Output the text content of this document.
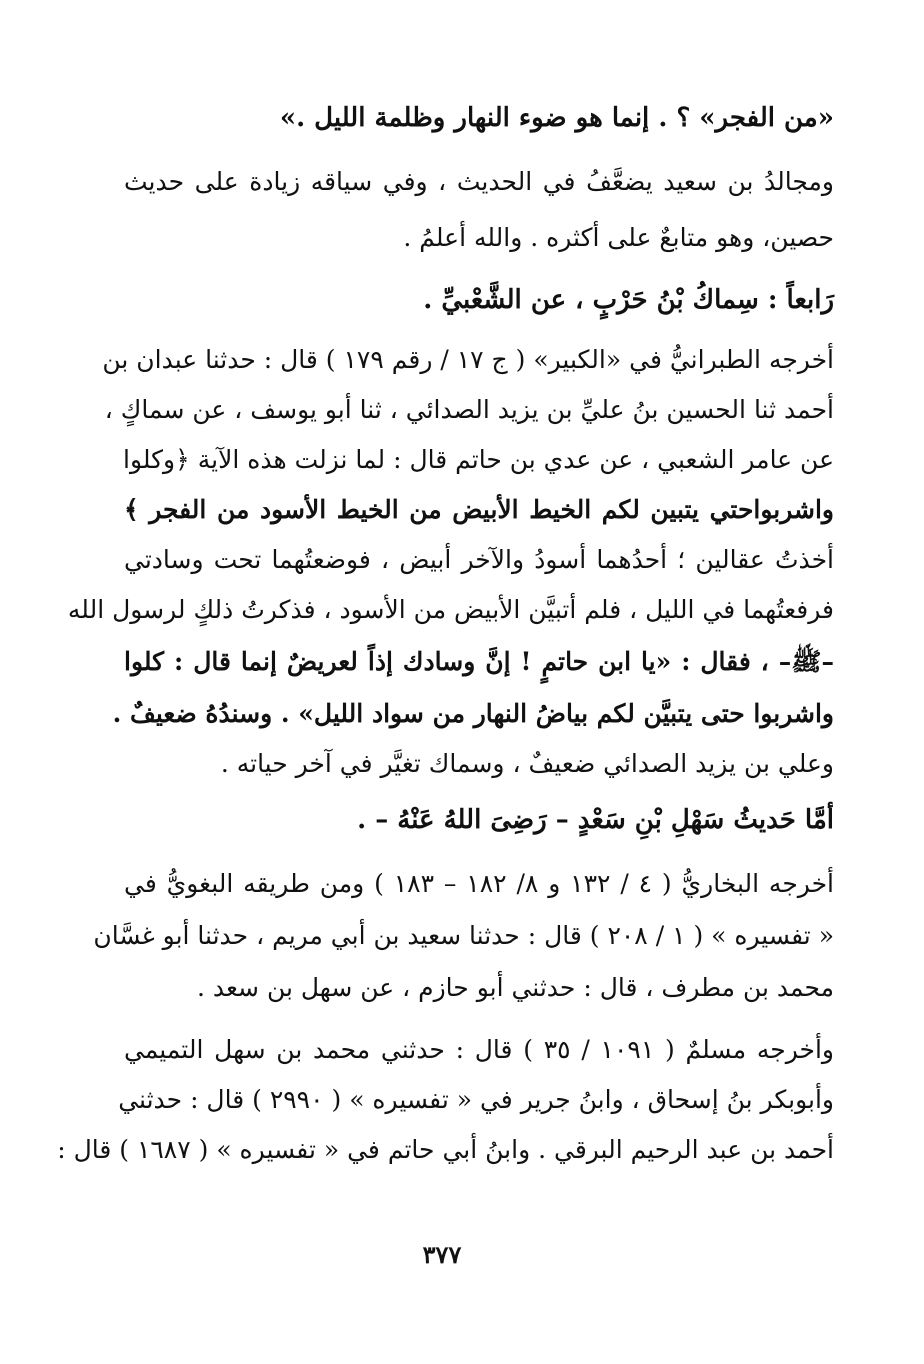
«من الفجر» ؟ . إنما هو ضوء النهار وظلمة الليل .»
ومجالدُ بن سعيد يضعَّفُ في الحديث ، وفي سياقه زيادة على حديث
حصين، وهو متابعٌ على أكثره . والله أعلمُ .
رَابعاً : سِماكُ بْنُ حَرْبٍ ، عن الشَّعْبيِّ .
أخرجه الطبرانيُّ في «الكبير» ( ج ١٧ / رقم ١٧٩ ) قال : حدثنا عبدان بن
أحمد ثنا الحسين بنُ عليِّ بن يزيد الصدائي ، ثنا أبو يوسف ، عن سماكٍ ،
عن عامر الشعبي ، عن عدي بن حاتم قال : لما نزلت هذه الآية ﴿وكلوا
واشربواحتي يتبين لكم الخيط الأبيض من الخيط الأسود من الفجر ﴾
أخذتُ عقالين ؛ أحدُهما أسودُ والآخر أبيض ، فوضعتُهما تحت وسادتي
فرفعتُهما في الليل ، فلم أتبيَّن الأبيض من الأسود ، فذكرتُ ذلكٍ لرسول الله
–ﷺ– ، فقال : «يا ابن حاتمٍ ! إنَّ وسادك إذاً لعريضٌ إنما قال : كلوا
واشربوا حتى يتبيَّن لكم بياضُ النهار من سواد الليل» . وسندُهُ ضعيفٌ .
وعلي بن يزيد الصدائي ضعيفٌ ، وسماك تغيَّر في آخر حياته .
أمَّا حَديثُ سَهْلِ بْنِ سَعْدٍ – رَضِىَ اللهُ عَنْهُ – .
أخرجه البخاريُّ ( ٤ / ١٣٢ و ٨/ ١٨٢ – ١٨٣ ) ومن طريقه البغويُّ في
« تفسيره » ( ١ / ٢٠٨ ) قال : حدثنا سعيد بن أبي مريم ، حدثنا أبو غسَّان
محمد بن مطرف ، قال : حدثني أبو حازم ، عن سهل بن سعد .
وأخرجه مسلمٌ ( ١٠٩١ / ٣٥ ) قال : حدثني محمد بن سهل التميمي
وأبوبكر بنُ إسحاق ، وابنُ جرير في « تفسيره » ( ٢٩٩٠ ) قال : حدثني
أحمد بن عبد الرحيم البرقي . وابنُ أبي حاتم في « تفسيره » ( ١٦٨٧ ) قال :
٣٧٧
